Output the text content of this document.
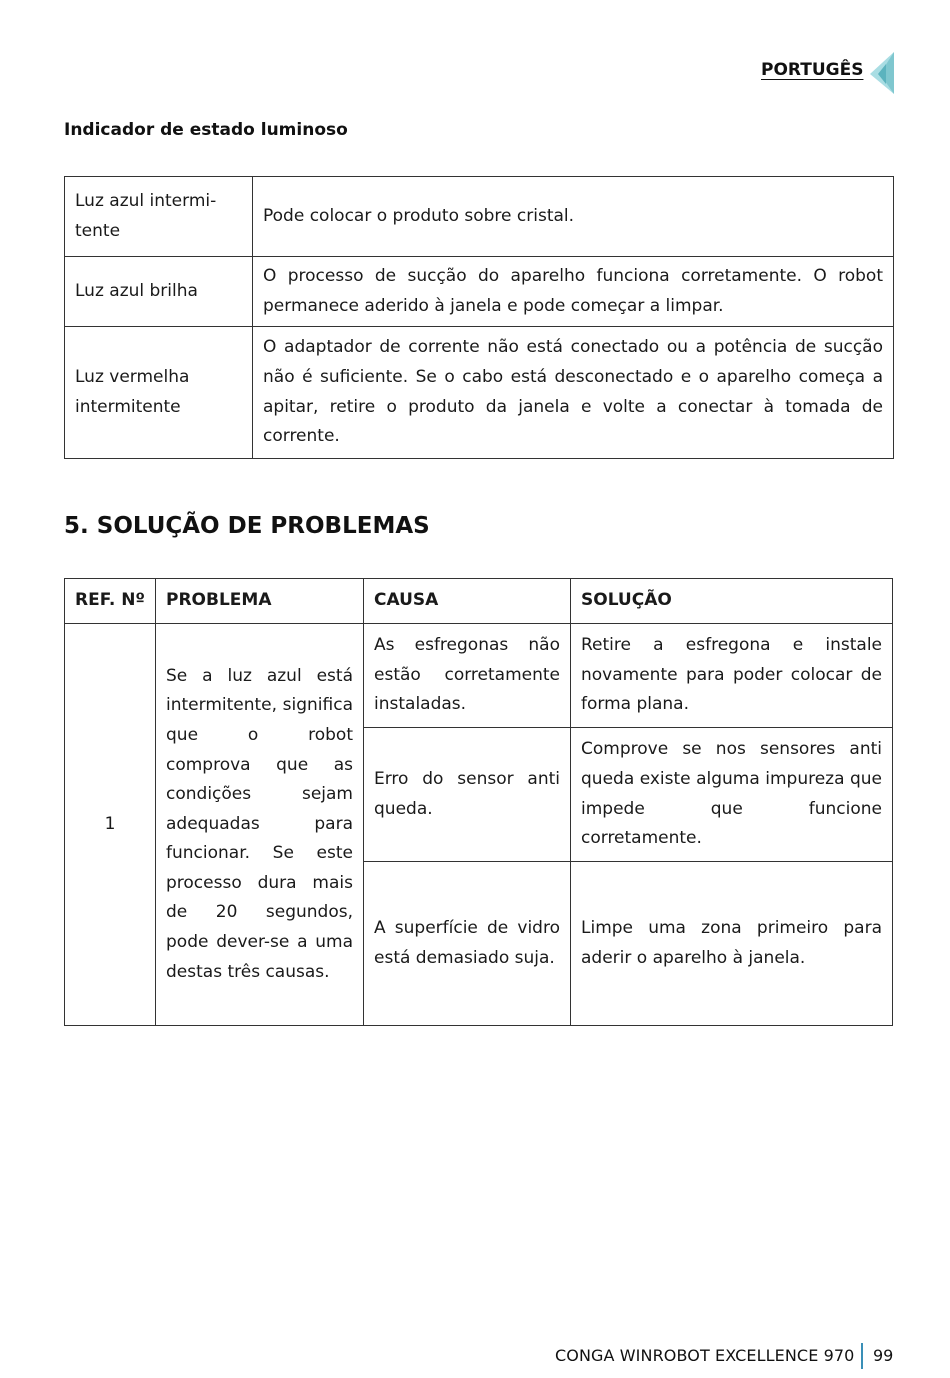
PORTUGÊS
Indicador de estado luminoso
Luz azul intermi-
tente	Pode colocar o produto sobre cristal.
Luz azul brilha	O processo de sucção do aparelho funciona corretamente. O robot permanece aderido à janela e pode começar a limpar.
Luz vermelha intermitente	O adaptador de corrente não está conectado ou a potência de sucção não é suficiente. Se o cabo está desconectado e o aparelho começa a apitar, retire o produto da janela e volte a conectar à tomada de corrente.
5. SOLUÇÃO DE PROBLEMAS
REF. Nº	PROBLEMA	CAUSA	SOLUÇÃO
1	Se a luz azul está intermitente, significa que o robot comprova que as condições sejam adequadas para funcionar. Se este processo dura mais de 20 segundos, pode dever-se a uma destas três causas.	As esfregonas não estão corretamente instaladas.	Retire a esfregona e instale novamente para poder colocar de forma plana.
		Erro do sensor anti queda.	Comprove se nos sensores anti queda existe alguma impureza que impede que funcione corretamente.
		A superfície de vidro está demasiado suja.	Limpe uma zona primeiro para aderir o aparelho à janela.
CONGA WINROBOT EXCELLENCE 970 99
